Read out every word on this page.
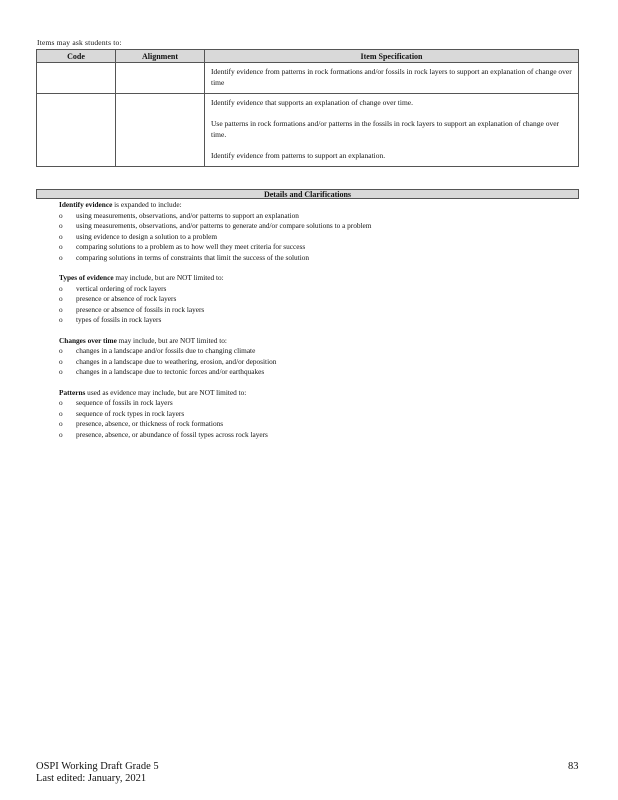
Items may ask students to:
Code	Alignment	Item Specification

		Identify evidence from patterns in rock formations and/or fossils in rock layers to support an explanation of change over time

		Identify evidence that supports an explanation of change over time.

Use patterns in rock formations and/or patterns in the fossils in rock layers to support an explanation of change over time.

Identify evidence from patterns to support an explanation.

Details and Clarifications
Identify evidence is expanded to include:
o	using measurements, observations, and/or patterns to support an explanation
o	using measurements, observations, and/or patterns to generate and/or compare solutions to a problem
o	using evidence to design a solution to a problem
o	comparing solutions to a problem as to how well they meet criteria for success
o	comparing solutions in terms of constraints that limit the success of the solution
Types of evidence may include, but are NOT limited to:
o	vertical ordering of rock layers
o	presence or absence of rock layers
o	presence or absence of fossils in rock layers
o	types of fossils in rock layers
Changes over time may include, but are NOT limited to:
o	changes in a landscape and/or fossils due to changing climate
o	changes in a landscape due to weathering, erosion, and/or deposition
o	changes in a landscape due to tectonic forces and/or earthquakes
Patterns used as evidence may include, but are NOT limited to:
o	sequence of fossils in rock layers
o	sequence of rock types in rock layers
o	presence, absence, or thickness of rock formations
o	presence, absence, or abundance of fossil types across rock layers
OSPI Working Draft Grade 5
Last edited: January, 2021
83
